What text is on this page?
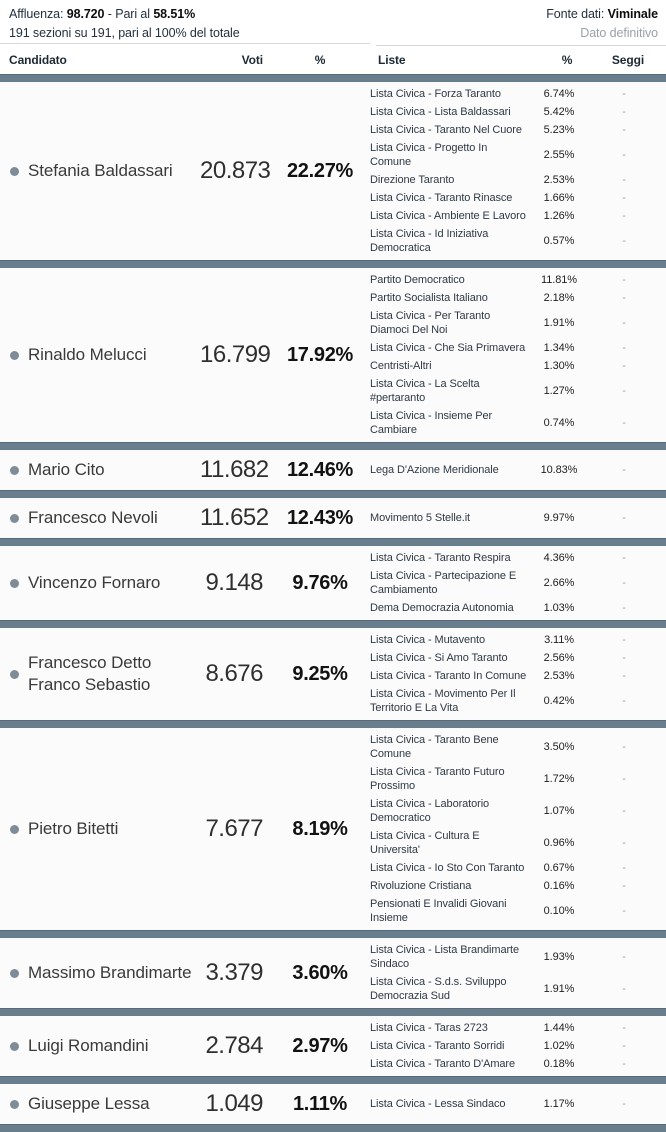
Affluenza: 98.720 - Pari al 58.51%
191 sezioni su 191, pari al 100% del totale
Fonte dati: Viminale
Dato definitivo
Candidato	Voti	%	Liste	%	Seggi
Stefania Baldassari 20.873 22.27%
Lista Civica - Forza Taranto	6.74%	-
Lista Civica - Lista Baldassari	5.42%	-
Lista Civica - Taranto Nel Cuore	5.23%	-
Lista Civica - Progetto In Comune
2.55%	-
Direzione Taranto	2.53%	-
Lista Civica - Taranto Rinasce	1.66%	-
Lista Civica - Ambiente E Lavoro	1.26%	-
Lista Civica - Id Iniziativa Democratica
0.57%	-
Rinaldo Melucci 16.799 17.92%
Partito Democratico	11.81%	-
Partito Socialista Italiano	2.18%	-
Lista Civica - Per Taranto Diamoci Del Noi
1.91%	-
Lista Civica - Che Sia Primavera	1.34%	-
Centristi-Altri	1.30%	-
Lista Civica - La Scelta #pertaranto
1.27%	-
Lista Civica - Insieme Per Cambiare
0.74%	-
Mario Cito	11.682 12.46%	Lega D'Azione Meridionale	10.83%	-
Francesco Nevoli 11.652 12.43%	Movimento 5 Stelle.it	9.97%	-
Vincenzo Fornaro 9.148	9.76%
Lista Civica - Taranto Respira	4.36%	-
Lista Civica - Partecipazione E Cambiamento
2.66%	-
Dema Democrazia Autonomia	1.03%	-
Francesco Detto Franco Sebastio	8.676	9.25%
Lista Civica - Mutavento	3.11%	-
Lista Civica - Si Amo Taranto	2.56%	-
Lista Civica - Taranto In Comune	2.53%	-
Lista Civica - Movimento Per Il Territorio E La Vita
0.42%	-
Pietro Bitetti	7.677	8.19%
Lista Civica - Taranto Bene Comune
3.50%	-
Lista Civica - Taranto Futuro Prossimo
1.72%	-
Lista Civica - Laboratorio Democratico
1.07%	-
Lista Civica - Cultura E Universita'
0.96%	-
Lista Civica - Io Sto Con Taranto	0.67%	-
Rivoluzione Cristiana	0.16%	-
Pensionati E Invalidi Giovani Insieme
0.10%	-
Massimo Brandimarte 3.379	3.60%
Lista Civica - Lista Brandimarte Sindaco
1.93%	-
Lista Civica - S.d.s. Sviluppo Democrazia Sud
1.91%	-
Luigi Romandini 2.784	2.97%
Lista Civica - Taras 2723	1.44%	-
Lista Civica - Taranto Sorridi	1.02%	-
Lista Civica - Taranto D'Amare	0.18%	-
Giuseppe Lessa 1.049	1.11%	Lista Civica - Lessa Sindaco	1.17%	-
